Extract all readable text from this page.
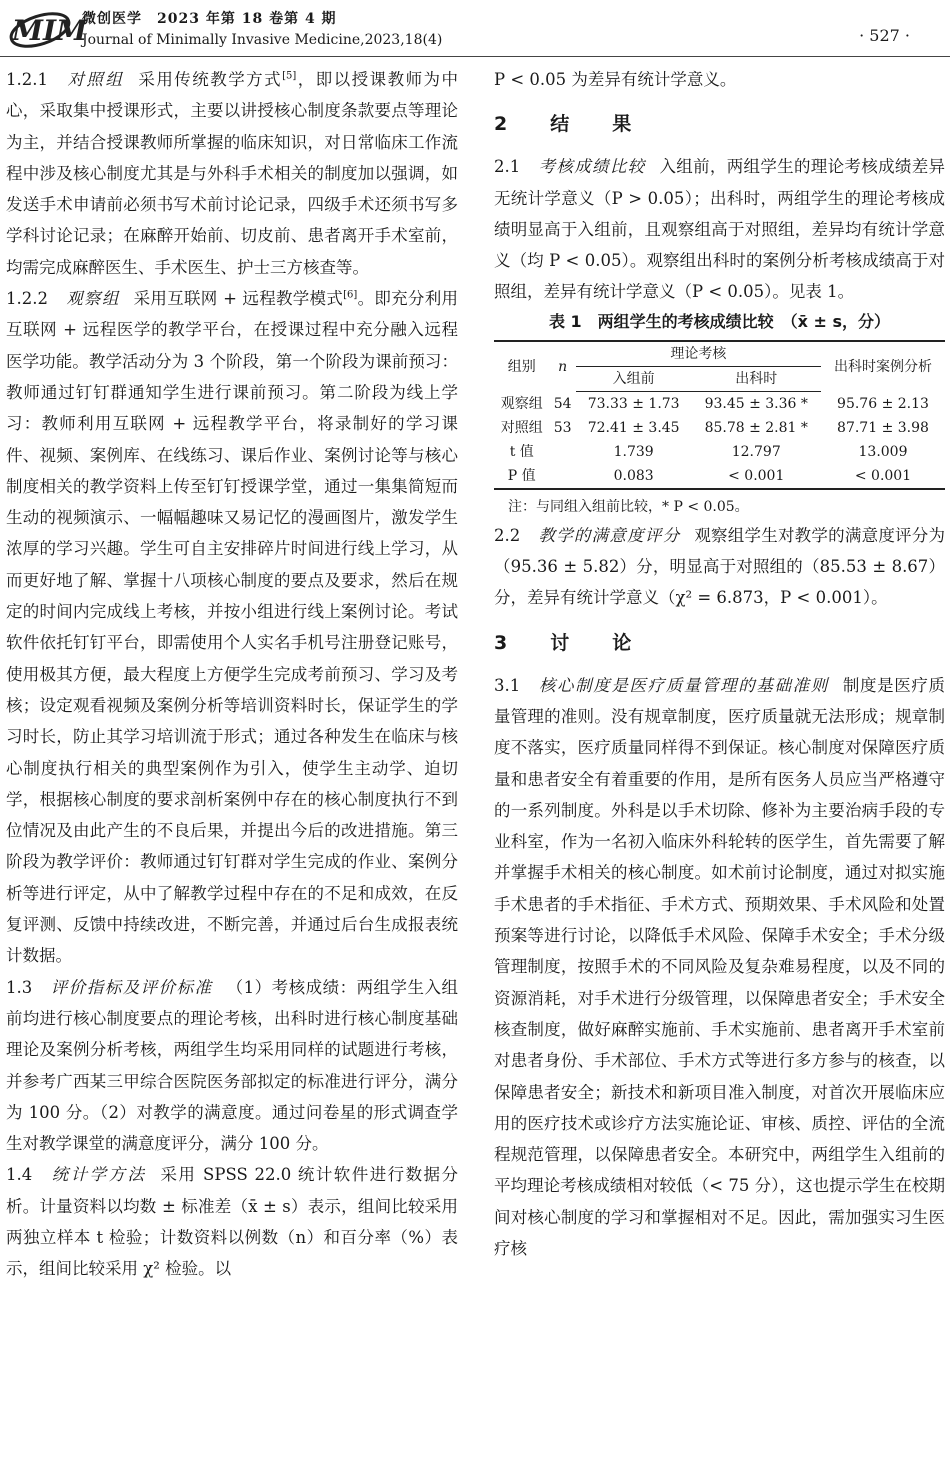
MIM
微创医学　2023 年第 18 卷第 4 期
Journal of Minimally Invasive Medicine,2023,18(4)	· 527 ·

1.2.1 对照组 采用传统教学方式[5]，即以授课教师为中心，采取集中授课形式，主要以讲授核心制度条款要点等理论为主，并结合授课教师所掌握的临床知识，对日常临床工作流程中涉及核心制度尤其是与外科手术相关的制度加以强调，如发送手术申请前必须书写术前讨论记录，四级手术还须书写多学科讨论记录；在麻醉开始前、切皮前、患者离开手术室前，均需完成麻醉医生、手术医生、护士三方核查等。

1.2.2 观察组 采用互联网 + 远程教学模式[6]。即充分利用互联网 + 远程医学的教学平台，在授课过程中充分融入远程医学功能。教学活动分为 3 个阶段，第一个阶段为课前预习：教师通过钉钉群通知学生进行课前预习。第二阶段为线上学习：教师利用互联网 + 远程教学平台，将录制好的学习课件、视频、案例库、在线练习、课后作业、案例讨论等与核心制度相关的教学资料上传至钉钉授课学堂，通过一集集简短而生动的视频演示、一幅幅趣味又易记忆的漫画图片，激发学生浓厚的学习兴趣。学生可自主安排碎片时间进行线上学习，从而更好地了解、掌握十八项核心制度的要点及要求，然后在规定的时间内完成线上考核，并按小组进行线上案例讨论。考试软件依托钉钉平台，即需使用个人实名手机号注册登记账号，使用极其方便，最大程度上方便学生完成考前预习、学习及考核；设定观看视频及案例分析等培训资料时长，保证学生的学习时长，防止其学习培训流于形式；通过各种发生在临床与核心制度执行相关的典型案例作为引入，使学生主动学、迫切学，根据核心制度的要求剖析案例中存在的核心制度执行不到位情况及由此产生的不良后果，并提出今后的改进措施。第三阶段为教学评价：教师通过钉钉群对学生完成的作业、案例分析等进行评定，从中了解教学过程中存在的不足和成效，在反复评测、反馈中持续改进，不断完善，并通过后台生成报表统计数据。

1.3 评价指标及评价标准 （1）考核成绩：两组学生入组前均进行核心制度要点的理论考核，出科时进行核心制度基础理论及案例分析考核，两组学生均采用同样的试题进行考核，并参考广西某三甲综合医院医务部拟定的标准进行评分，满分为 100 分。（2）对教学的满意度。通过问卷星的形式调查学生对教学课堂的满意度评分，满分 100 分。

1.4 统计学方法 采用 SPSS 22.0 统计软件进行数据分析。计量资料以均数 ± 标准差（x̄ ± s）表示，组间比较采用两独立样本 t 检验；计数资料以例数（n）和百分率（%）表示，组间比较采用 χ² 检验。以

P < 0.05 为差异有统计学意义。

2　结　果

2.1 考核成绩比较 入组前，两组学生的理论考核成绩差异无统计学意义（P > 0.05）；出科时，两组学生的理论考核成绩明显高于入组前，且观察组高于对照组，差异均有统计学意义（均 P < 0.05）。观察组出科时的案例分析考核成绩高于对照组，差异有统计学意义（P < 0.05）。见表 1。

表 1　两组学生的考核成绩比较　（x̄ ± s，分）

组别	n	理论考核		出科时案例分析
		入组前	出科时	
观察组	54	73.33 ± 1.73	93.45 ± 3.36 *	95.76 ± 2.13
对照组	53	72.41 ± 3.45	85.78 ± 2.81 *	87.71 ± 3.98
t 值		1.739	12.797	13.009
P 值		0.083	< 0.001	< 0.001

注：与同组入组前比较，* P < 0.05。

2.2 教学的满意度评分 观察组学生对教学的满意度评分为（95.36 ± 5.82）分，明显高于对照组的（85.53 ± 8.67）分，差异有统计学意义（χ² = 6.873，P < 0.001）。

3　讨　论

3.1 核心制度是医疗质量管理的基础准则 制度是医疗质量管理的准则。没有规章制度，医疗质量就无法形成；规章制度不落实，医疗质量同样得不到保证。核心制度对保障医疗质量和患者安全有着重要的作用，是所有医务人员应当严格遵守的一系列制度。外科是以手术切除、修补为主要治病手段的专业科室，作为一名初入临床外科轮转的医学生，首先需要了解并掌握手术相关的核心制度。如术前讨论制度，通过对拟实施手术患者的手术指征、手术方式、预期效果、手术风险和处置预案等进行讨论，以降低手术风险、保障手术安全；手术分级管理制度，按照手术的不同风险及复杂难易程度，以及不同的资源消耗，对手术进行分级管理，以保障患者安全；手术安全核查制度，做好麻醉实施前、手术实施前、患者离开手术室前对患者身份、手术部位、手术方式等进行多方参与的核查，以保障患者安全；新技术和新项目准入制度，对首次开展临床应用的医疗技术或诊疗方法实施论证、审核、质控、评估的全流程规范管理，以保障患者安全。本研究中，两组学生入组前的平均理论考核成绩相对较低（< 75 分），这也提示学生在校期间对核心制度的学习和掌握相对不足。因此，需加强实习生医疗核
